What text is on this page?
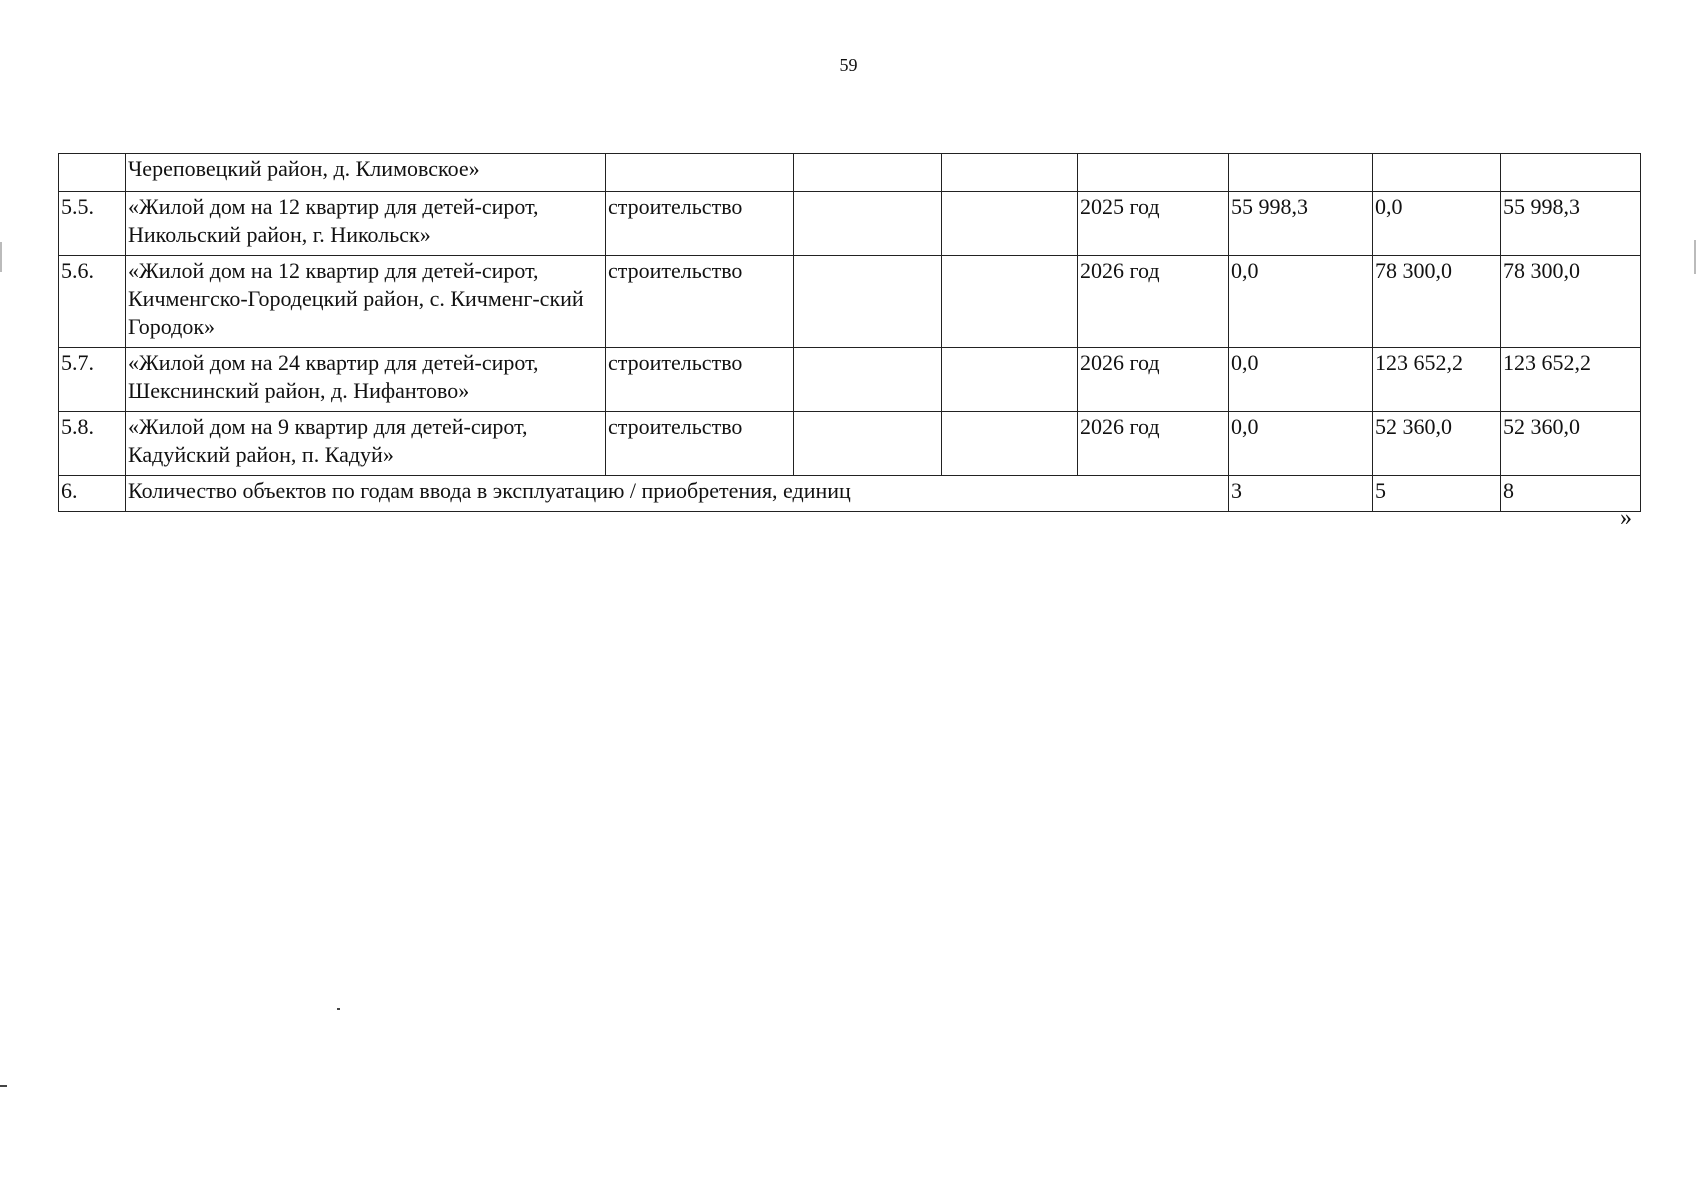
59
	Череповецкий район, д. Климовское»							
5.5.	«Жилой дом на 12 квартир для детей-сирот, Никольский район, г. Никольск»	строительство			2025 год	55 998,3	0,0	55 998,3
5.6.	«Жилой дом на 12 квартир для детей-сирот, Кичменгско-Городецкий район, с. Кичменг-ский Городок»	строительство			2026 год	0,0	78 300,0	78 300,0
5.7.	«Жилой дом на 24 квартир для детей-сирот, Шекснинский район, д. Нифантово»	строительство			2026 год	0,0	123 652,2	123 652,2
5.8.	«Жилой дом на 9 квартир для детей-сирот, Кадуйский район, п. Кадуй»	строительство			2026 год	0,0	52 360,0	52 360,0
6.	Количество объектов по годам ввода в эксплуатацию / приобретения, единиц					3	5	8
»
